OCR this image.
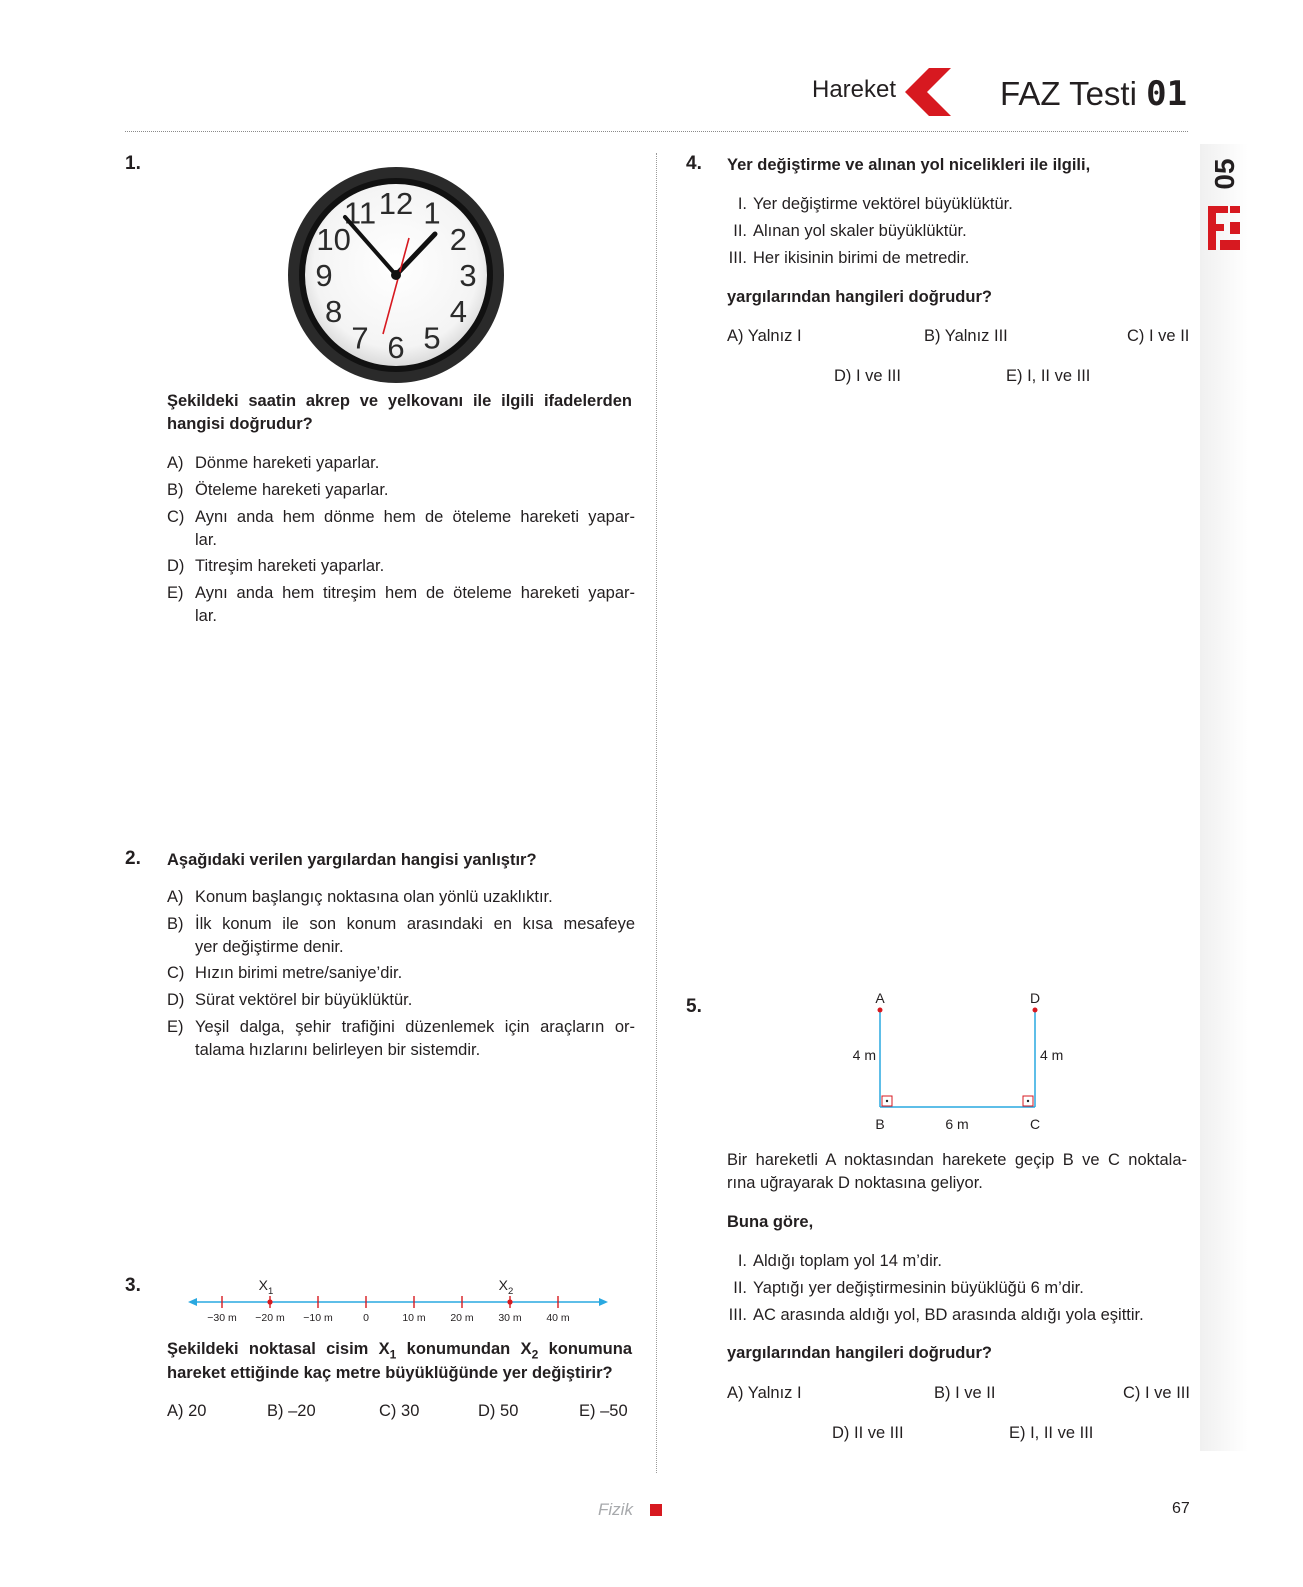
Hareket	FAZ Testi 01
05
1.
12 1
2
3
4
5
6
7
8
9
10
11
Şekildeki saatin akrep ve yelkovanı ile ilgili ifadelerden
hangisi doğrudur?
A) Dönme hareketi yaparlar.
B) Öteleme hareketi yaparlar.
C) Aynı anda hem dönme hem de öteleme hareketi yapar-
lar.
D) Titreşim hareketi yaparlar.
E) Aynı anda hem titreşim hem de öteleme hareketi yapar-
lar.
2. Aşağıdaki verilen yargılardan hangisi yanlıştır?
A) Konum başlangıç noktasına olan yönlü uzaklıktır.
B) İlk konum ile son konum arasındaki en kısa mesafeye
yer değiştirme denir.
C) Hızın birimi metre/saniye’dir.
D) Sürat vektörel bir büyüklüktür.
E) Yeşil dalga, şehir trafiğini düzenlemek için araçların or-
talama hızlarını belirleyen bir sistemdir.
3.
−30 m −20 m −10 m	0	10 m 20 m 30 m 40 m
$X_1$	$X_2$
Şekildeki noktasal cisim $X_1$ konumundan $X_2$ konumuna
hareket ettiğinde kaç metre büyüklüğünde yer değiştirir?
A) 20	B) –20	C) 30	D) 50	E) –50
4. Yer değiştirme ve alınan yol nicelikleri ile ilgili,
I. Yer değiştirme vektörel büyüklüktür.
II. Alınan yol skaler büyüklüktür.
III. Her ikisinin birimi de metredir.
yargılarından hangileri doğrudur?
A) Yalnız I	B) Yalnız III	C) I ve II
D) I ve III	E) I, II ve III
5.	A
B	C
D
4 m
6 m
4 m
Bir hareketli A noktasından harekete geçip B ve C noktala-
rına uğrayarak D noktasına geliyor.
Buna göre,
I. Aldığı toplam yol 14 m’dir.
II. Yaptığı yer değiştirmesinin büyüklüğü 6 m’dir.
III. AC arasında aldığı yol, BD arasında aldığı yola eşittir.
yargılarından hangileri doğrudur?
A) Yalnız I	B) I ve II	C) I ve III
D) II ve III	E) I, II ve III
Fizik	67
